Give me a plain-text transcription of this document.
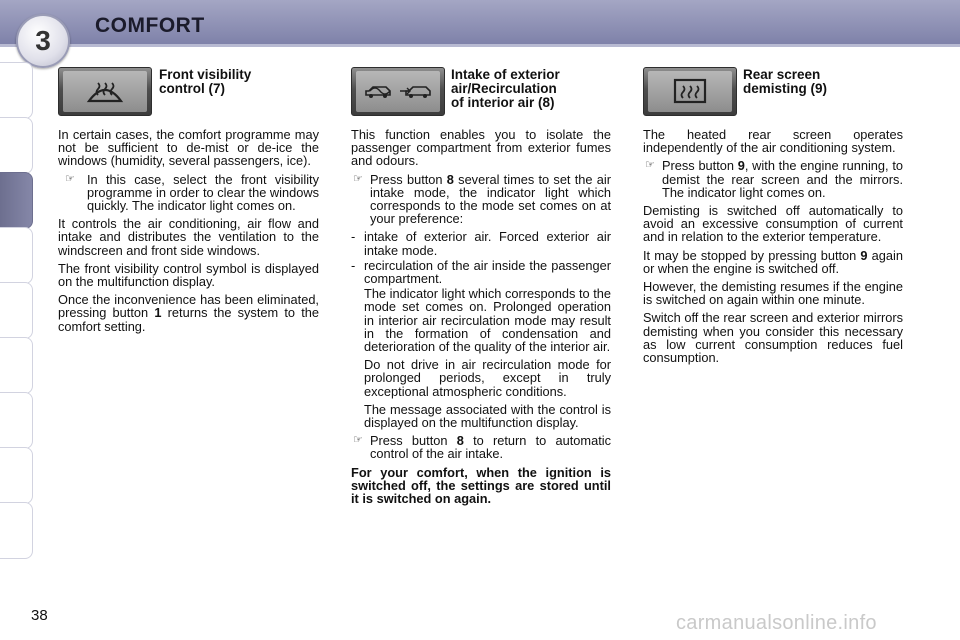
3	COMFORT
Front visibility
control (7)
Intake of exterior
air/Recirculation
of interior air (8)
Rear screen
demisting (9)

In certain cases, the comfort programme may not be sufficient to de-mist or de-ice the windows (humidity, several passengers, ice).

☞ In this case, select the front visibility programme in order to clear the windows quickly. The indicator light comes on.

It controls the air conditioning, air flow and intake and distributes the ventilation to the windscreen and front side windows.

The front visibility control symbol is displayed on the multifunction display.

Once the inconvenience has been eliminated, pressing button 1 returns the system to the comfort setting.

This function enables you to isolate the passenger compartment from exterior fumes and odours.

☞ Press button 8 several times to set the air intake mode, the indicator light which corresponds to the mode set comes on at your preference:
- intake of exterior air. Forced exterior air intake mode.
- recirculation of the air inside the passenger compartment.

The indicator light which corresponds to the mode set comes on. Prolonged operation in interior air recirculation mode may result in the formation of condensation and deterioration of the quality of the interior air.

Do not drive in air recirculation mode for prolonged periods, except in truly exceptional atmospheric conditions.

The message associated with the control is displayed on the multifunction display.

☞ Press button 8 to return to automatic control of the air intake.

For your comfort, when the ignition is switched off, the settings are stored until it is switched on again.

The heated rear screen operates independently of the air conditioning system.

☞ Press button 9, with the engine running, to demist the rear screen and the mirrors. The indicator light comes on.

Demisting is switched off automatically to avoid an excessive consumption of current and in relation to the exterior temperature.

It may be stopped by pressing button 9 again or when the engine is switched off.

However, the demisting resumes if the engine is switched on again within one minute.

Switch off the rear screen and exterior mirrors demisting when you consider this necessary as low current consumption reduces fuel consumption.

38	carmanualsonline.info
